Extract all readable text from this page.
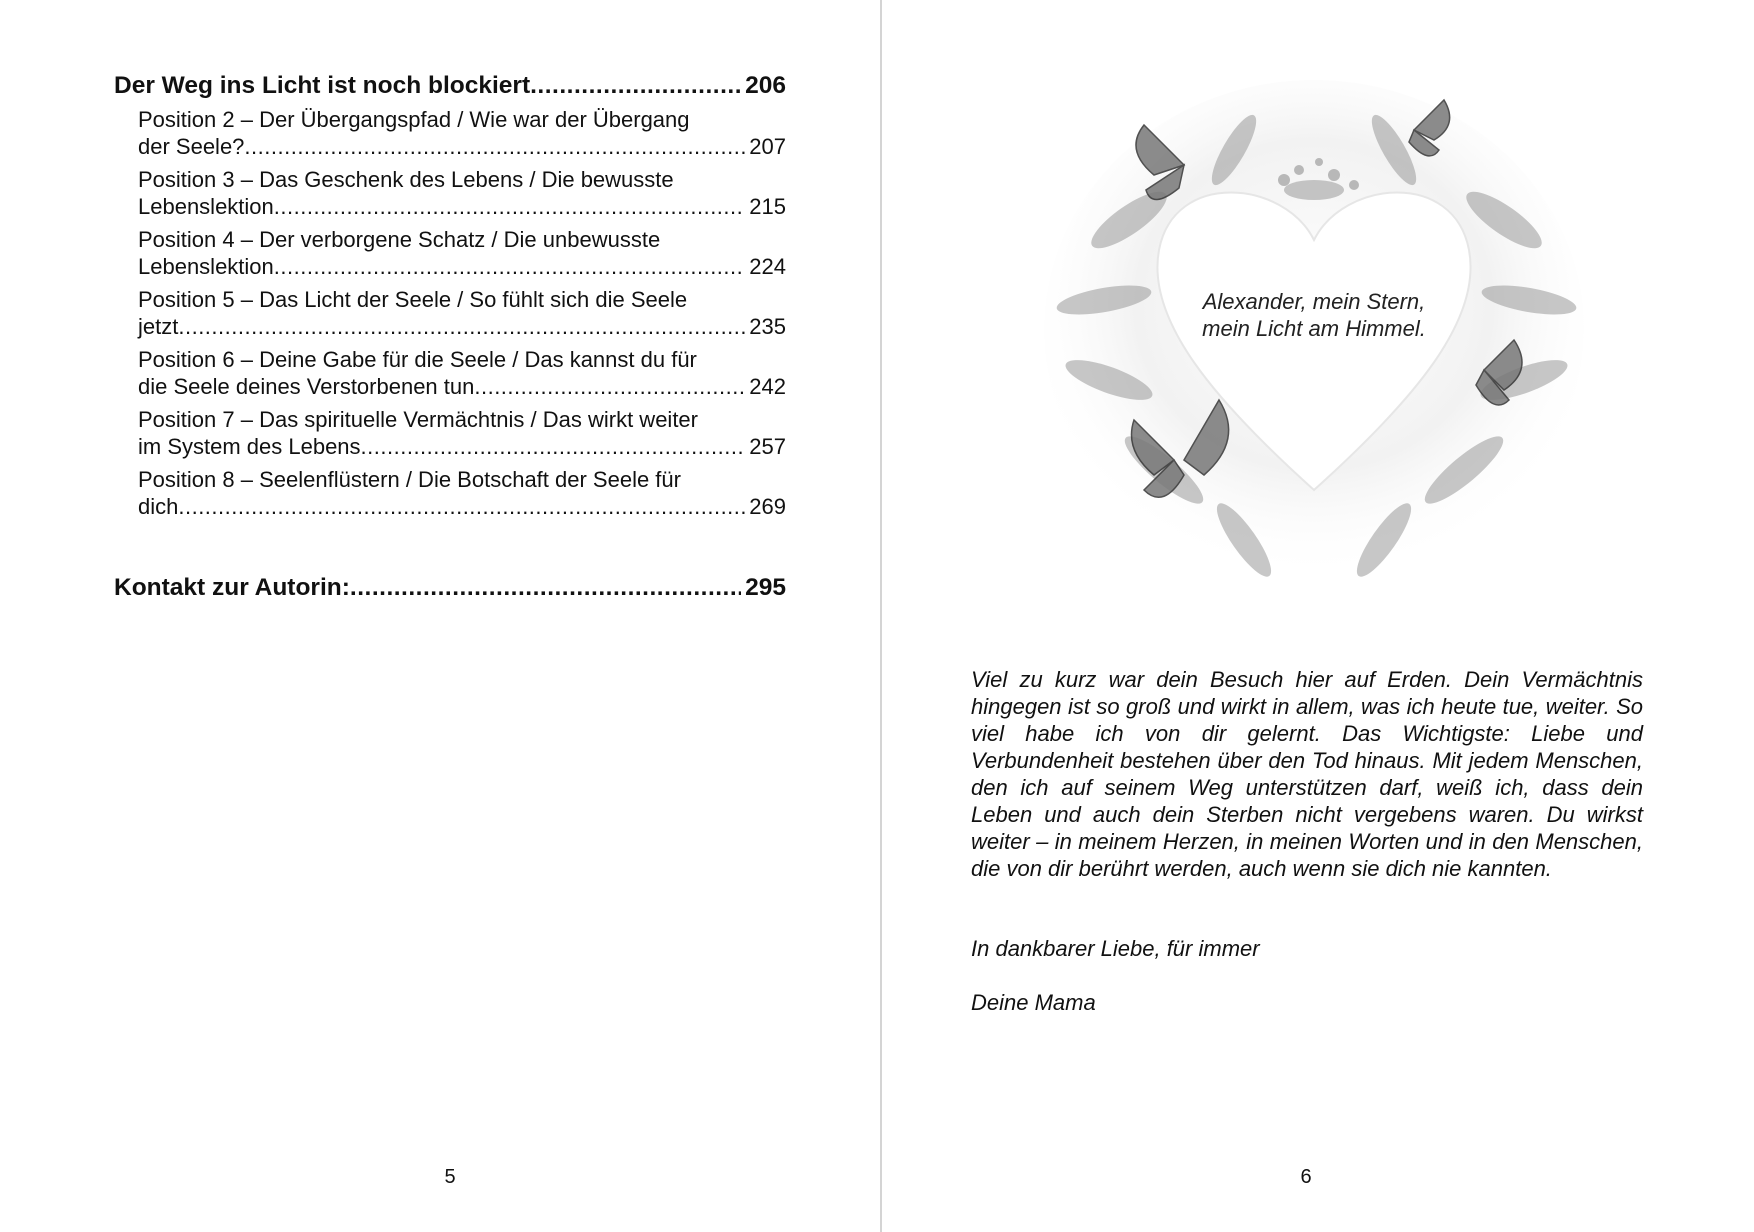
Der Weg ins Licht ist noch blockiert .....	206
Position 2 – Der Übergangspfad / Wie war der Übergang
der Seele? .....	207
Position 3 – Das Geschenk des Lebens / Die bewusste
Lebenslektion .....	215
Position 4 – Der verborgene Schatz / Die unbewusste
Lebenslektion .....	224
Position 5 – Das Licht der Seele / So fühlt sich die Seele
jetzt .....	235
Position 6 – Deine Gabe für die Seele / Das kannst du für
die Seele deines Verstorbenen tun .....	242
Position 7 – Das spirituelle Vermächtnis / Das wirkt weiter
im System des Lebens .....	257
Position 8 – Seelenflüstern / Die Botschaft der Seele für
dich .....	269
Kontakt zur Autorin: .....	295
5
Alexander, mein Stern,
mein Licht am Himmel.
Viel zu kurz war dein Besuch hier auf Erden. Dein Vermächtnis hingegen ist so groß und wirkt in allem, was ich heute tue, weiter. So viel habe ich von dir gelernt. Das Wichtigste: Liebe und Verbundenheit bestehen über den Tod hinaus. Mit jedem Menschen, den ich auf seinem Weg unterstützen darf, weiß ich, dass dein Leben und auch dein Sterben nicht vergebens waren. Du wirkst weiter – in meinem Herzen, in meinen Worten und in den Menschen, die von dir berührt werden, auch wenn sie dich nie kannten.
In dankbarer Liebe, für immer
Deine Mama
6
